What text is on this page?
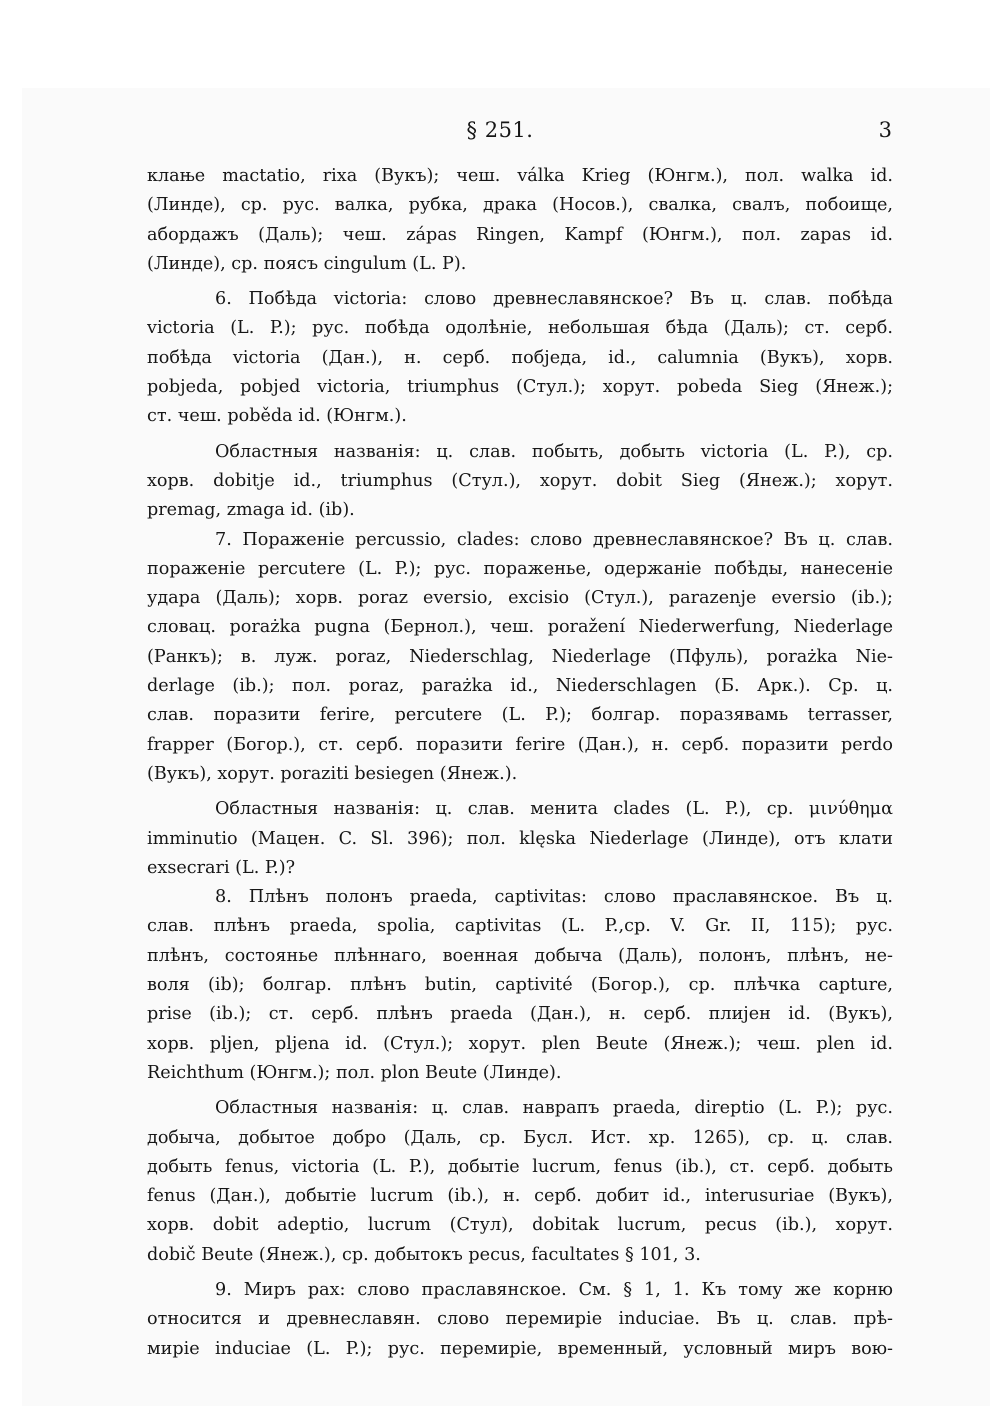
§ 251.	3
клање mactatio, rixa (Вукъ); чеш. válka Krieg (Юнгм.), пол. walka id.
(Линде), ср. рус. валка, рубка, драка (Носов.), свалка, свалъ, побоище,
абордажъ (Даль); чеш. zápas Ringen, Kampf (Юнгм.), пол. zapas id.
(Линде), ср. поясъ cingulum (L. P).
6. Побѣда victoria: слово древнеславянское? Въ ц. слав. побѣда
victoria (L. P.); рус. побѣда одолѣніе, небольшая бѣда (Даль); ст. серб.
побѣда victoria (Дан.), н. серб. побједа, id., calumnia (Вукъ), хорв.
pobjeda, pobjed victoria, triumphus (Стул.); хорут. pobeda Sieg (Янеж.);
ст. чеш. poběda id. (Юнгм.).
Областныя названія: ц. слав. побыть, добыть victoria (L. P.), ср.
хорв. dobitje id., triumphus (Стул.), хорут. dobit Sieg (Янеж.); хорут.
premag, zmaga id. (ib).
7. Пораженіе percussio, clades: слово древнеславянское? Въ ц. слав.
пораженіе percutere (L. P.); рус. пораженье, одержаніе побѣды, нанесеніе
удара (Даль); хорв. poraz eversio, excisio (Стул.), parazenje eversio (ib.);
словац. porażka pugna (Бернол.), чеш. poražení Niederwerfung, Niederlage
(Ранкъ); в. луж. poraz, Niederschlag, Niederlage (Пфуль), porażka Nie-
derlage (ib.); пол. poraz, parażka id., Niederschlagen (Б. Арк.). Ср. ц.
слав. поразити ferire, percutere (L. P.); болгар. поразявамь terrasser,
frapper (Богор.), ст. серб. поразити ferire (Дан.), н. серб. поразити perdo
(Вукъ), хорут. poraziti besiegen (Янеж.).
Областныя названія: ц. слав. менита clades (L. P.), ср. μινύθημα
imminutio (Мацен. C. Sl. 396); пол. klęska Niederlage (Линде), отъ клати
exsecrari (L. P.)?
8. Плѣнъ полонъ praeda, captivitas: слово праславянское. Въ ц.
слав. плѣнъ praeda, spolia, captivitas (L. P.,ср. V. Gr. II, 115); рус.
плѣнъ, состоянье плѣннаго, военная добыча (Даль), полонъ, плѣнъ, не-
воля (ib); болгар. плѣнъ butin, captivité (Богор.), ср. плѣчка capture,
prise (ib.); ст. серб. плѣнъ praeda (Дан.), н. серб. плијен id. (Вукъ),
хорв. pljen, pljena id. (Стул.); хорут. plen Beute (Янеж.); чеш. plen id.
Reichthum (Юнгм.); пол. plon Beute (Линде).
Областныя названія: ц. слав. наврапъ praeda, direptio (L. P.); рус.
добыча, добытое добро (Даль, ср. Бусл. Ист. хр. 1265), ср. ц. слав.
добыть fenus, victoria (L. P.), добытіе lucrum, fenus (ib.), ст. серб. добыть
fenus (Дан.), добытіе lucrum (ib.), н. серб. добит id., interusuriae (Вукъ),
хорв. dobit adeptio, lucrum (Стул), dobitak lucrum, pecus (ib.), хорут.
dobič Beute (Янеж.), ср. добытокъ pecus, facultates § 101, 3.
9. Миръ pax: слово праславянское. См. § 1, 1. Къ тому же корню
относится и древнеславян. слово перемиріе induciae. Въ ц. слав. прѣ-
миріе induciae (L. P.); рус. перемиріе, временный, условный миръ вою-
